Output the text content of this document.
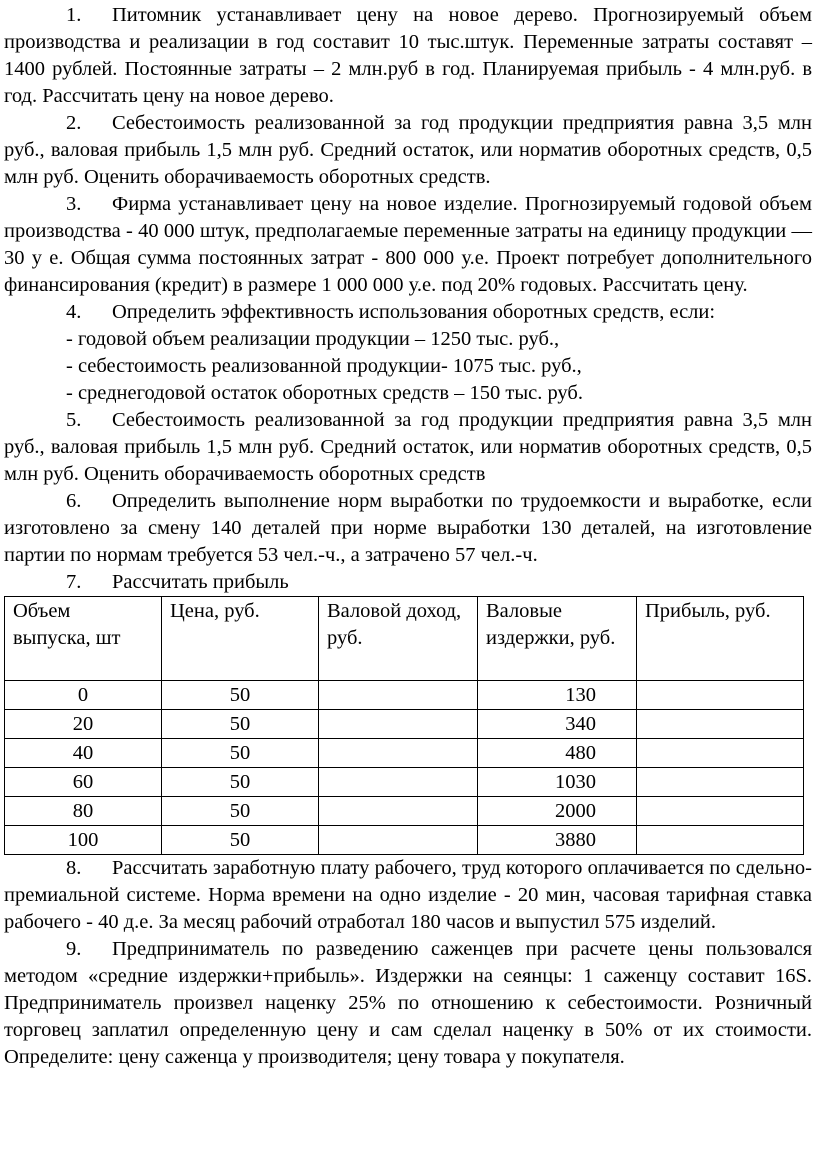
1. Питомник устанавливает цену на новое дерево. Прогнозируемый объем производства и реализации в год составит 10 тыс.штук. Переменные затраты составят – 1400 рублей. Постоянные затраты – 2 млн.руб в год. Планируемая прибыль - 4 млн.руб. в год. Рассчитать цену на новое дерево.

2. Себестоимость реализованной за год продукции предприятия равна 3,5 млн руб., валовая прибыль 1,5 млн руб. Средний остаток, или норматив оборотных средств, 0,5 млн руб. Оценить оборачиваемость оборотных средств.

3. Фирма устанавливает цену на новое изделие. Прогнозируемый годовой объем производства - 40 000 штук, предполагаемые переменные затраты на единицу продукции — 30 у е. Общая сумма постоянных затрат - 800 000 у.е. Проект потребует дополнительного финансирования (кредит) в размере 1 000 000 у.е. под 20% годовых. Рассчитать цену.

4. Определить эффективность использования оборотных средств, если:

- годовой объем реализации продукции – 1250 тыс. руб.,

- себестоимость реализованной продукции- 1075 тыс. руб.,

- среднегодовой остаток оборотных средств – 150 тыс. руб.

5. Себестоимость реализованной за год продукции предприятия равна 3,5 млн руб., валовая прибыль 1,5 млн руб. Средний остаток, или норматив оборотных средств, 0,5 млн руб. Оценить оборачиваемость оборотных средств

6. Определить выполнение норм выработки по трудоемкости и выработке, если изготовлено за смену 140 деталей при норме выработки 130 деталей, на изготовление партии по нормам требуется 53 чел.-ч., а затрачено 57 чел.-ч.

7. Рассчитать прибыль

Объем выпуска, шт	Цена, руб.	Валовой доход, руб.	Валовые издержки, руб.	Прибыль, руб.
0	50		130	
20	50		340	
40	50		480	
60	50		1030	
80	50		2000	
100	50		3880	

8. Рассчитать заработную плату рабочего, труд которого оплачивается по сдельно-премиальной системе. Норма времени на одно изделие - 20 мин, часовая тарифная ставка рабочего - 40 д.е. За месяц рабочий отработал 180 часов и выпустил 575 изделий.

9. Предприниматель по разведению саженцев при расчете цены пользовался методом «средние издержки+прибыль». Издержки на сеянцы: 1 саженцу составит 16S. Предприниматель произвел наценку 25% по отношению к себестоимости. Розничный торговец заплатил определенную цену и сам сделал наценку в 50% от их стоимости. Определите: цену саженца у производителя; цену товара у покупателя.
